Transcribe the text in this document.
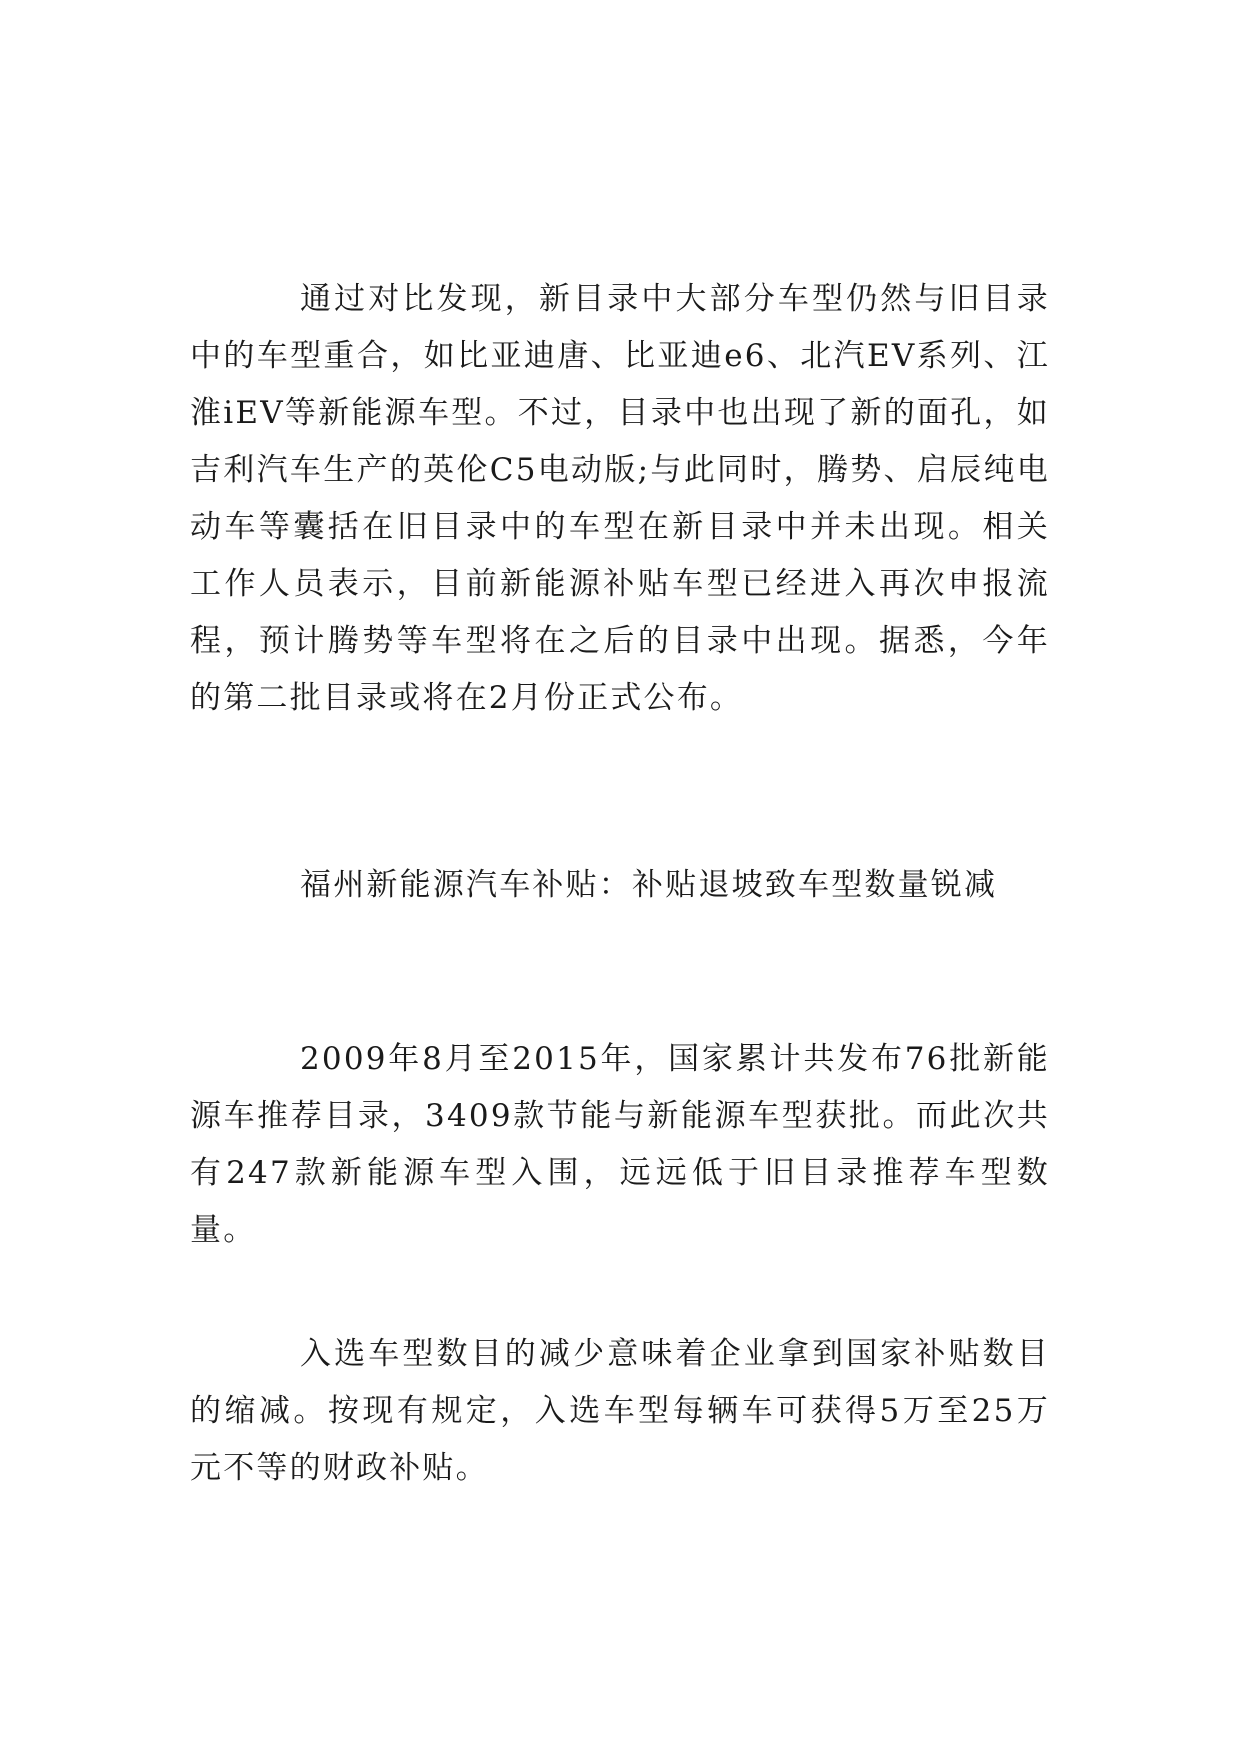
通过对比发现，新目录中大部分车型仍然与旧目录中的车型重合，如比亚迪唐、比亚迪e6、北汽EV系列、江淮iEV等新能源车型。不过，目录中也出现了新的面孔，如吉利汽车生产的英伦C5电动版;与此同时，腾势、启辰纯电动车等囊括在旧目录中的车型在新目录中并未出现。相关工作人员表示，目前新能源补贴车型已经进入再次申报流程，预计腾势等车型将在之后的目录中出现。据悉，今年的第二批目录或将在2月份正式公布。

福州新能源汽车补贴：补贴退坡致车型数量锐减

2009年8月至2015年，国家累计共发布76批新能源车推荐目录，3409款节能与新能源车型获批。而此次共有247款新能源车型入围，远远低于旧目录推荐车型数量。

入选车型数目的减少意味着企业拿到国家补贴数目的缩减。按现有规定，入选车型每辆车可获得5万至25万元不等的财政补贴。
